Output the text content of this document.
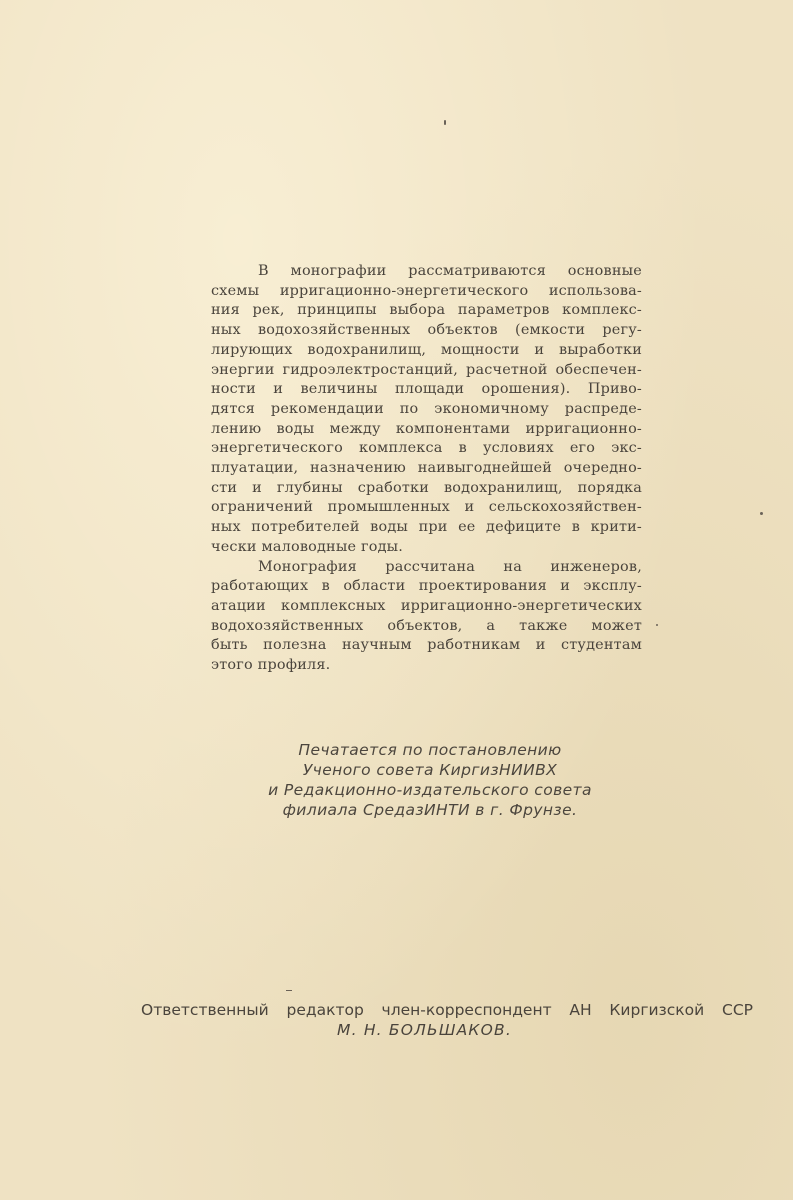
В монографии рассматриваются основные
схемы ирригационно-энергетического использова-
ния рек, принципы выбора параметров комплекс-
ных водохозяйственных объектов (емкости регу-
лирующих водохранилищ, мощности и выработки
энергии гидроэлектростанций, расчетной обеспечен-
ности и величины площади орошения). Приво-
дятся рекомендации по экономичному распреде-
лению воды между компонентами ирригационно-
энергетического комплекса в условиях его экс-
плуатации, назначению наивыгоднейшей очередно-
сти и глубины сработки водохранилищ, порядка
ограничений промышленных и сельскохозяйствен-
ных потребителей воды при ее дефиците в крити-
чески маловодные годы.

Монография рассчитана на инженеров,
работающих в области проектирования и эксплу-
атации комплексных ирригационно-энергетических
водохозяйственных объектов, а также может
быть полезна научным работникам и студентам
этого профиля.

Печатается по постановлению
Ученого совета КиргизНИИВХ
и Редакционно-издательского совета
филиала СредазИНТИ в г. Фрунзе.
Ответственный редактор член-корреспондент АН Киргизской ССР
М. Н. БОЛЬШАКОВ.
